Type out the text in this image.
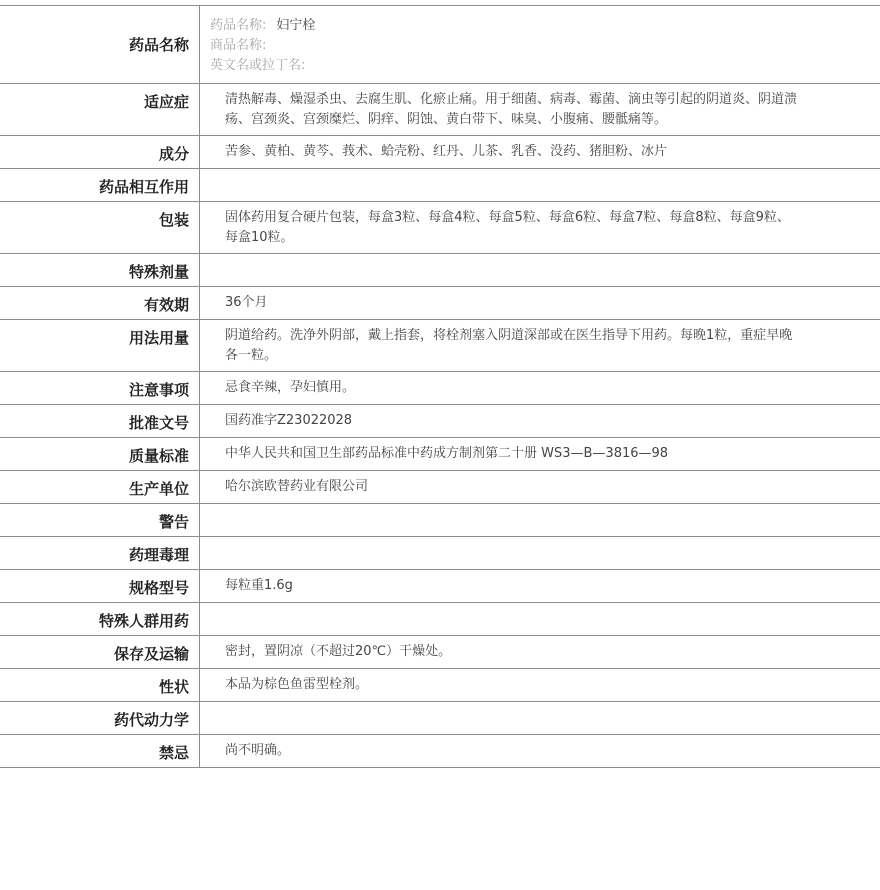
药品名称
药品名称: 妇宁栓
商品名称:
英文名或拉丁名:
适应症	清热解毒、燥湿杀虫、去腐生肌、化瘀止痛。用于细菌、病毒、霉菌、滴虫等引起的阴道炎、阴道溃疡、宫颈炎、宫颈糜烂、阴痒、阴蚀、黄白带下、味臭、小腹痛、腰骶痛等。
成分	苦参、黄柏、黄芩、莪术、蛤壳粉、红丹、儿茶、乳香、没药、猪胆粉、冰片
药品相互作用
包装	固体药用复合硬片包装，每盒3粒、每盒4粒、每盒5粒、每盒6粒、每盒7粒、每盒8粒、每盒9粒、每盒10粒。
特殊剂量
有效期	36个月
用法用量	阴道给药。洗净外阴部，戴上指套，将栓剂塞入阴道深部或在医生指导下用药。每晚1粒，重症早晚各一粒。
注意事项	忌食辛辣，孕妇慎用。
批准文号	国药准字Z23022028
质量标准	中华人民共和国卫生部药品标准中药成方制剂第二十册 WS3—B—3816—98
生产单位	哈尔滨欧替药业有限公司
警告
药理毒理
规格型号	每粒重1.6g
特殊人群用药
保存及运输	密封，置阴凉（不超过20℃）干燥处。
性状	本品为棕色鱼雷型栓剂。
药代动力学
禁忌	尚不明确。
